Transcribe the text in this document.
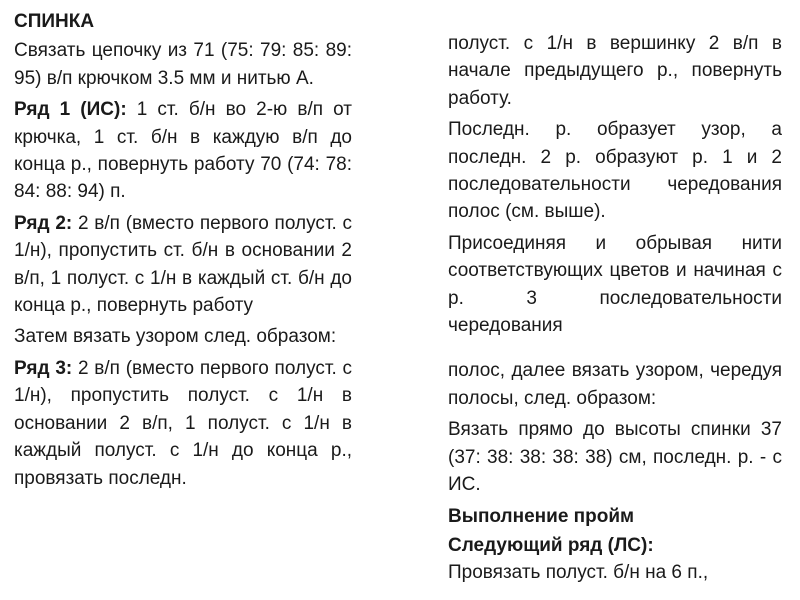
СПИНКА
Связать цепочку из 71 (75: 79: 85: 89: 95) в/п крючком 3.5 мм и нитью А.
Ряд 1 (ИС): 1 ст. б/н во 2-ю в/п от крючка, 1 ст. б/н в каждую в/п до конца р., повернуть работу 70 (74: 78: 84: 88: 94) п.
Ряд 2: 2 в/п (вместо первого полуст. с 1/н), пропустить ст. б/н в основании 2 в/п, 1 полуст. с 1/н в каждый ст. б/н до конца р., повернуть работу
Затем вязать узором след. образом:
Ряд 3: 2 в/п (вместо первого полуст. с 1/н), пропустить полуст. с 1/н в основании 2 в/п, 1 полуст. с 1/н в каждый полуст. с 1/н до конца р., провязать последн.
полуст. с 1/н в вершинку 2 в/п в начале предыдущего р., повернуть работу.
Последн. р. образует узор, а последн. 2 р. образуют р. 1 и 2 последовательности чередования полос (см. выше).
Присоединяя и обрывая нити соответствующих цветов и начиная с р. 3 последовательности чередования
полос, далее вязать узором, чередуя полосы, след. образом:
Вязать прямо до высоты спинки 37 (37: 38: 38: 38: 38) см, последн. р. - с ИС.
Выполнение пройм
Следующий ряд (ЛС):
Провязать полуст. б/н на 6 п.,
